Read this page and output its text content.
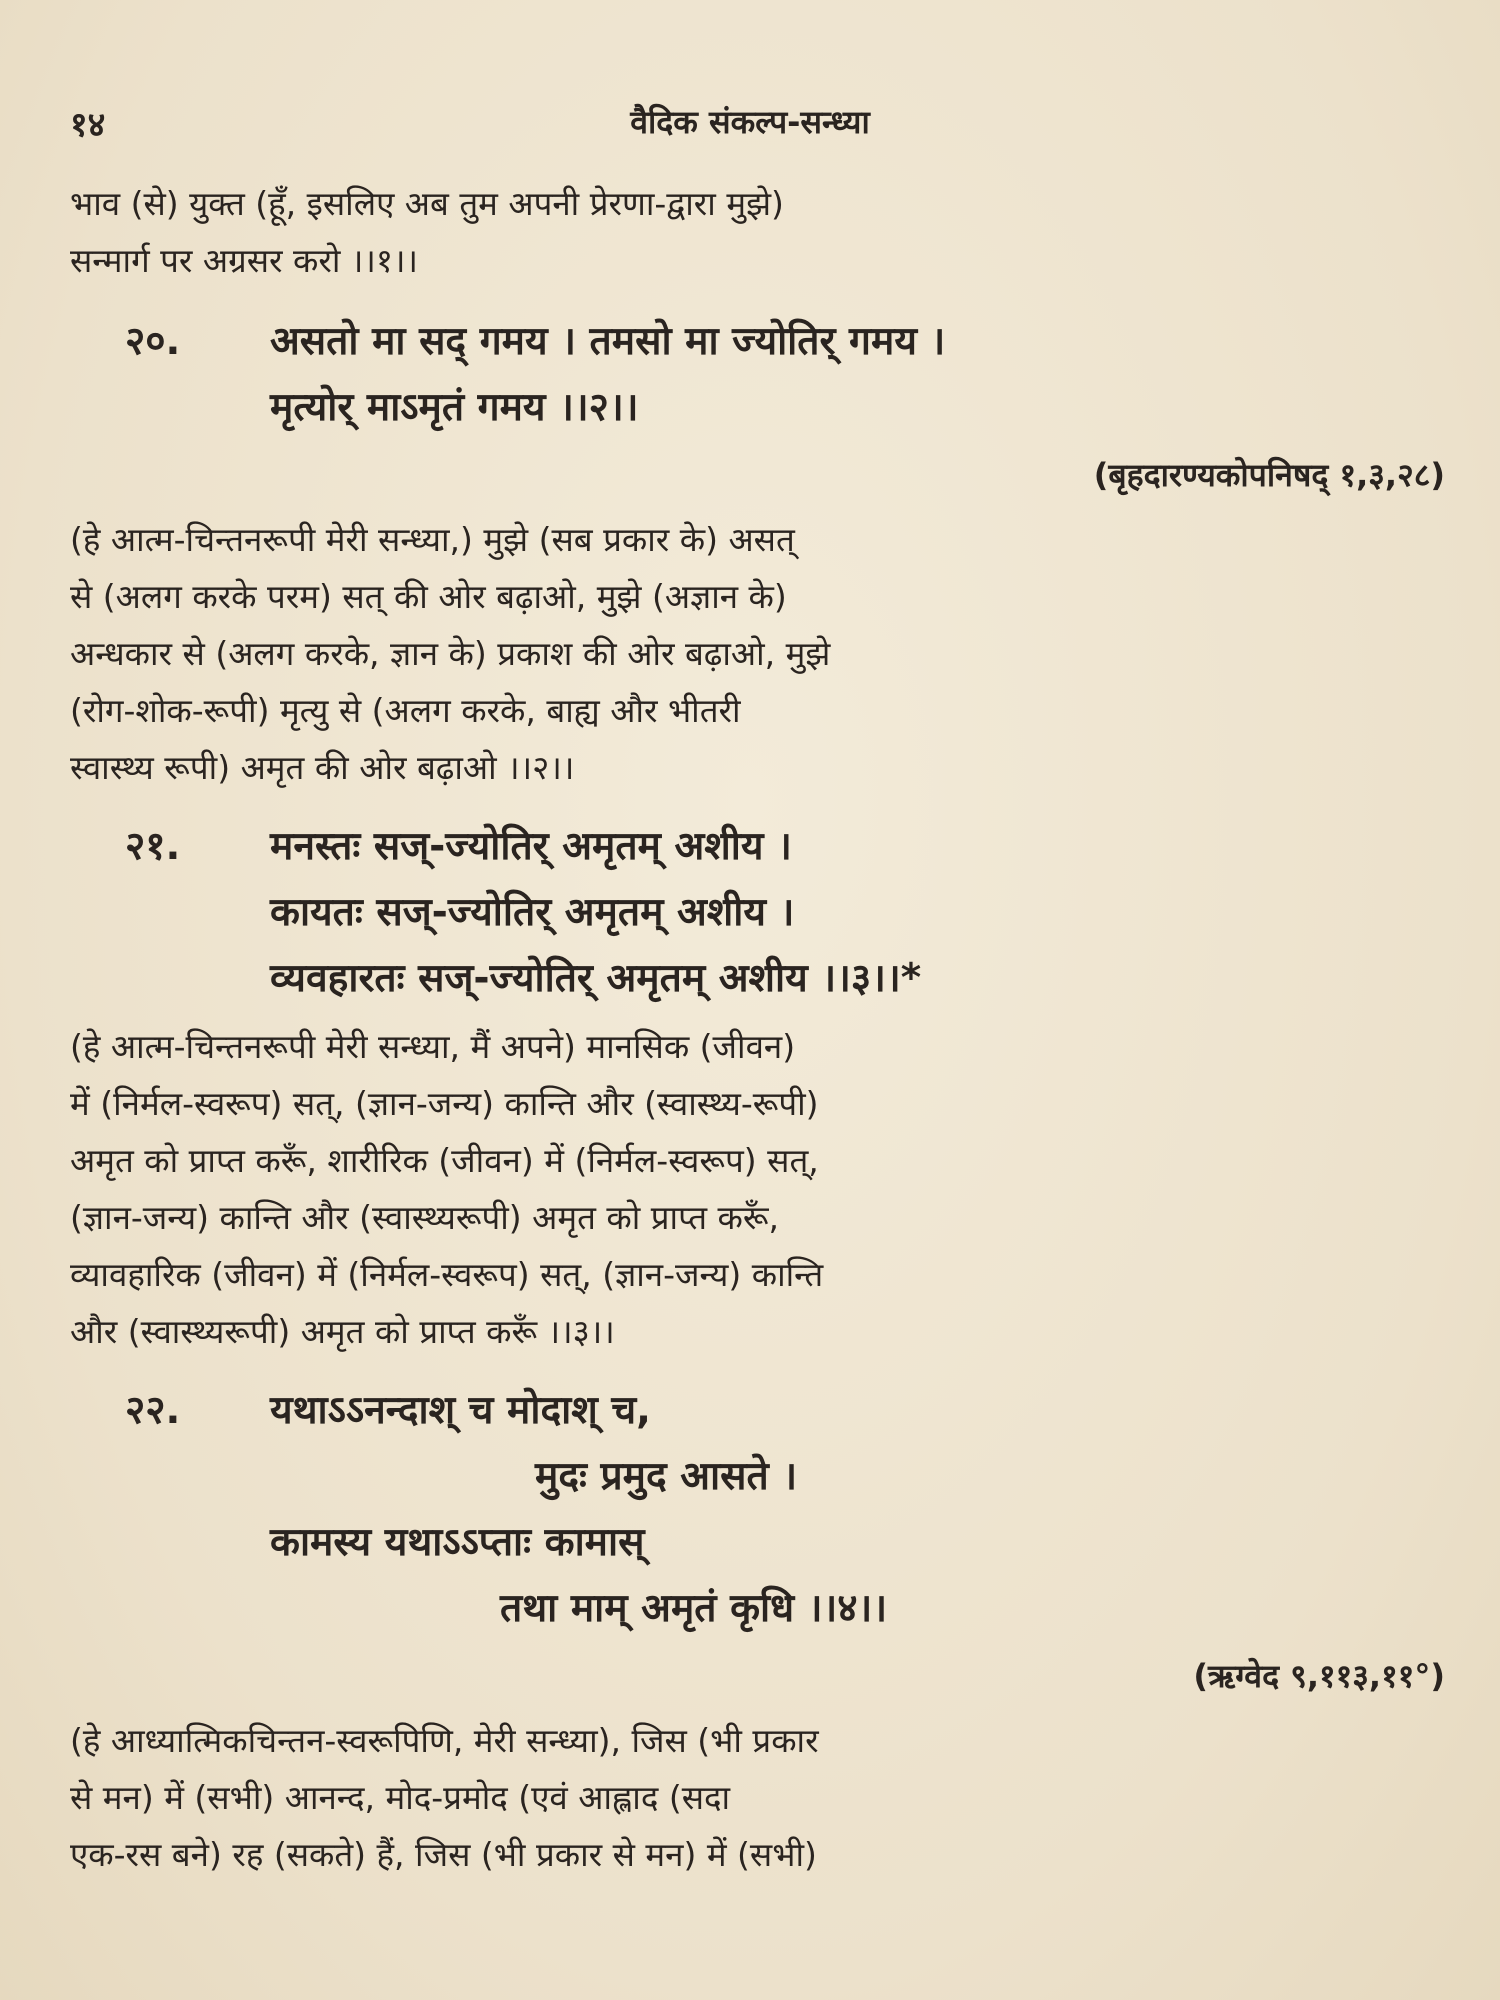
१४	वैदिक संकल्प-सन्ध्या
भाव (से) युक्त (हूँ, इसलिए अब तुम अपनी प्रेरणा-द्वारा मुझे)
सन्मार्ग पर अग्रसर करो ।।१।।
२०. असतो मा सद् गमय । तमसो मा ज्योतिर् गमय ।
मृत्योर् माऽमृतं गमय ।।२।।
(बृहदारण्यकोपनिषद् १,३,२८)
(हे आत्म-चिन्तनरूपी मेरी सन्ध्या,) मुझे (सब प्रकार के) असत्
से (अलग करके परम) सत् की ओर बढ़ाओ, मुझे (अज्ञान के)
अन्धकार से (अलग करके, ज्ञान के) प्रकाश की ओर बढ़ाओ, मुझे
(रोग-शोक-रूपी) मृत्यु से (अलग करके, बाह्य और भीतरी
स्वास्थ्य रूपी) अमृत की ओर बढ़ाओ ।।२।।
२१. मनस्तः सज्-ज्योतिर् अमृतम् अशीय ।
कायतः सज्-ज्योतिर् अमृतम् अशीय ।
व्यवहारतः सज्-ज्योतिर् अमृतम् अशीय ।।३।।*
(हे आत्म-चिन्तनरूपी मेरी सन्ध्या, मैं अपने) मानसिक (जीवन)
में (निर्मल-स्वरूप) सत्, (ज्ञान-जन्य) कान्ति और (स्वास्थ्य-रूपी)
अमृत को प्राप्त करूँ, शारीरिक (जीवन) में (निर्मल-स्वरूप) सत्,
(ज्ञान-जन्य) कान्ति और (स्वास्थ्यरूपी) अमृत को प्राप्त करूँ,
व्यावहारिक (जीवन) में (निर्मल-स्वरूप) सत्, (ज्ञान-जन्य) कान्ति
और (स्वास्थ्यरूपी) अमृत को प्राप्त करूँ ।।३।।
२२. यथाऽऽनन्दाश् च मोदाश् च,
मुदः प्रमुद आसते ।
कामस्य यथाऽऽप्ताः कामास्
तथा माम् अमृतं कृधि ।।४।।
(ऋग्वेद ९,११३,११°)
(हे आध्यात्मिकचिन्तन-स्वरूपिणि, मेरी सन्ध्या), जिस (भी प्रकार
से मन) में (सभी) आनन्द, मोद-प्रमोद (एवं आह्लाद (सदा
एक-रस बने) रह (सकते) हैं, जिस (भी प्रकार से मन) में (सभी)
